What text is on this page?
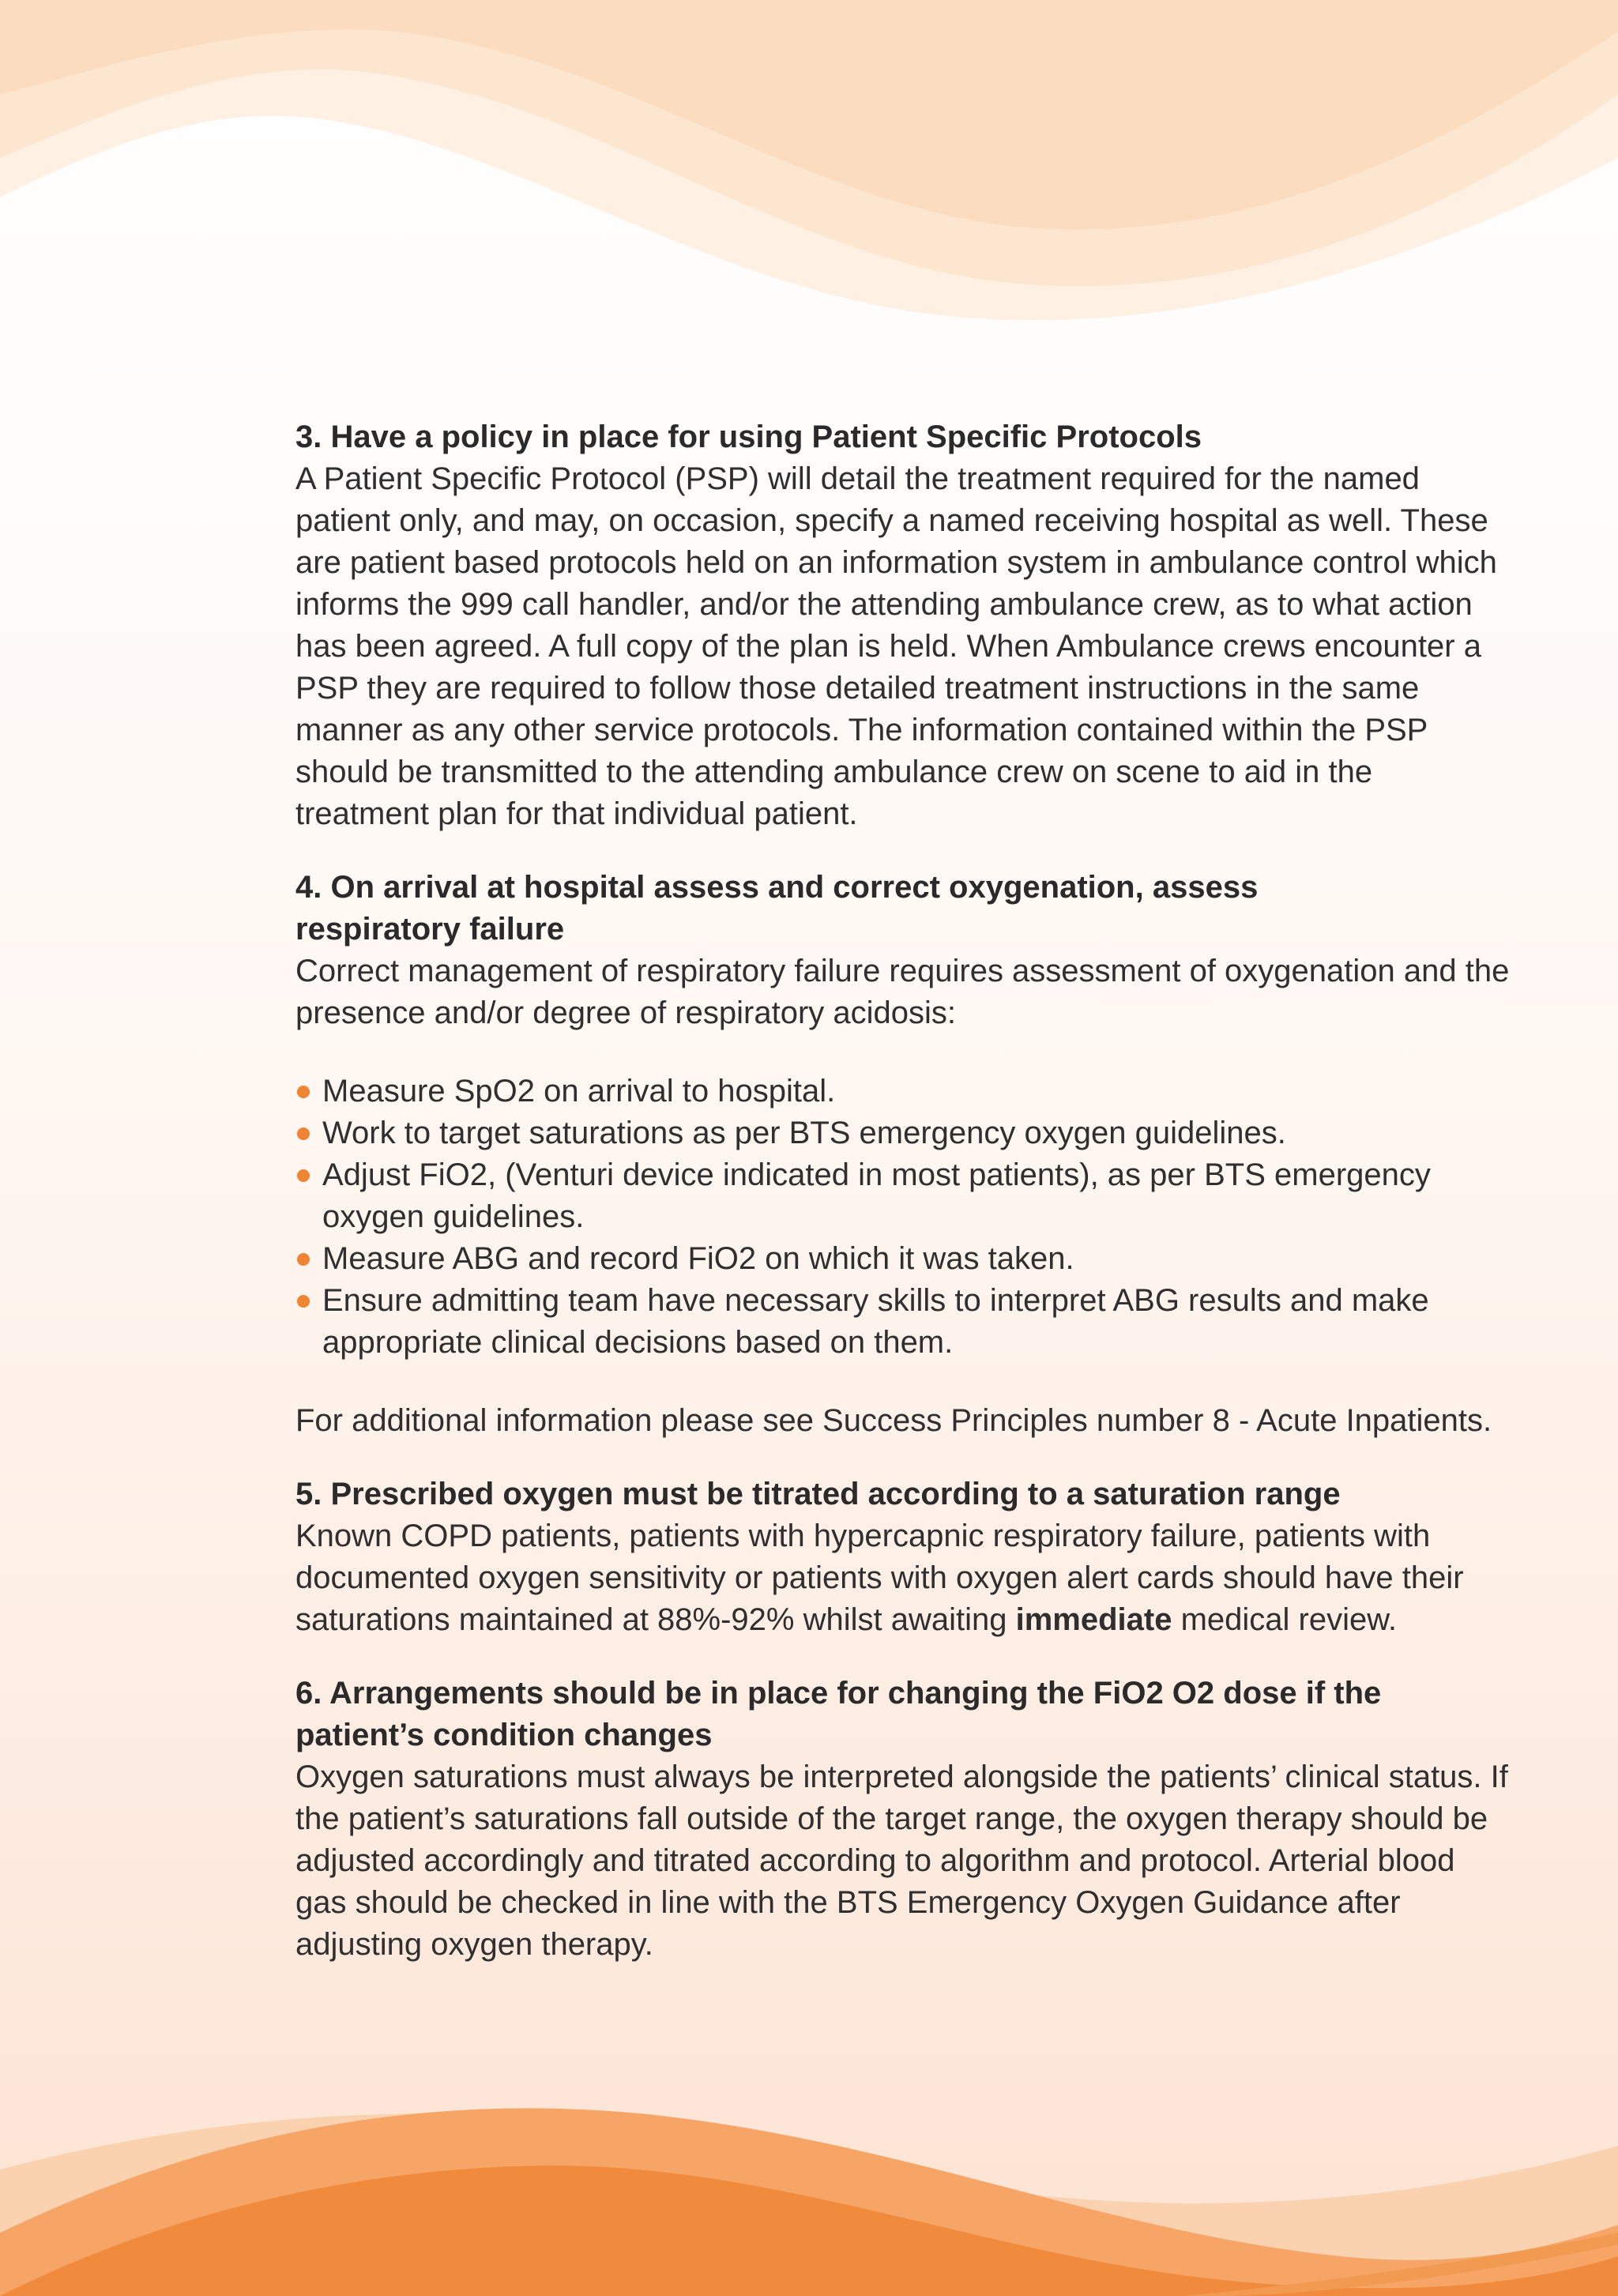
3. Have a policy in place for using Patient Specific Protocols

A Patient Specific Protocol (PSP) will detail the treatment required for the named patient only, and may, on occasion, specify a named receiving hospital as well. These are patient based protocols held on an information system in ambulance control which informs the 999 call handler, and/or the attending ambulance crew, as to what action has been agreed. A full copy of the plan is held. When Ambulance crews encounter a PSP they are required to follow those detailed treatment instructions in the same manner as any other service protocols. The information contained within the PSP should be transmitted to the attending ambulance crew on scene to aid in the treatment plan for that individual patient.

4. On arrival at hospital assess and correct oxygenation, assess
respiratory failure

Correct management of respiratory failure requires assessment of oxygenation and the presence and/or degree of respiratory acidosis:

Measure SpO2 on arrival to hospital.
Work to target saturations as per BTS emergency oxygen guidelines.
Adjust FiO2, (Venturi device indicated in most patients), as per BTS emergency oxygen guidelines.
Measure ABG and record FiO2 on which it was taken.
Ensure admitting team have necessary skills to interpret ABG results and make appropriate clinical decisions based on them.

For additional information please see Success Principles number 8 - Acute Inpatients.

5. Prescribed oxygen must be titrated according to a saturation range

Known COPD patients, patients with hypercapnic respiratory failure, patients with documented oxygen sensitivity or patients with oxygen alert cards should have their saturations maintained at 88%-92% whilst awaiting immediate medical review.

6. Arrangements should be in place for changing the FiO2 O2 dose if the
patient’s condition changes

Oxygen saturations must always be interpreted alongside the patients’ clinical status. If the patient’s saturations fall outside of the target range, the oxygen therapy should be adjusted accordingly and titrated according to algorithm and protocol. Arterial blood gas should be checked in line with the BTS Emergency Oxygen Guidance after adjusting oxygen therapy.
